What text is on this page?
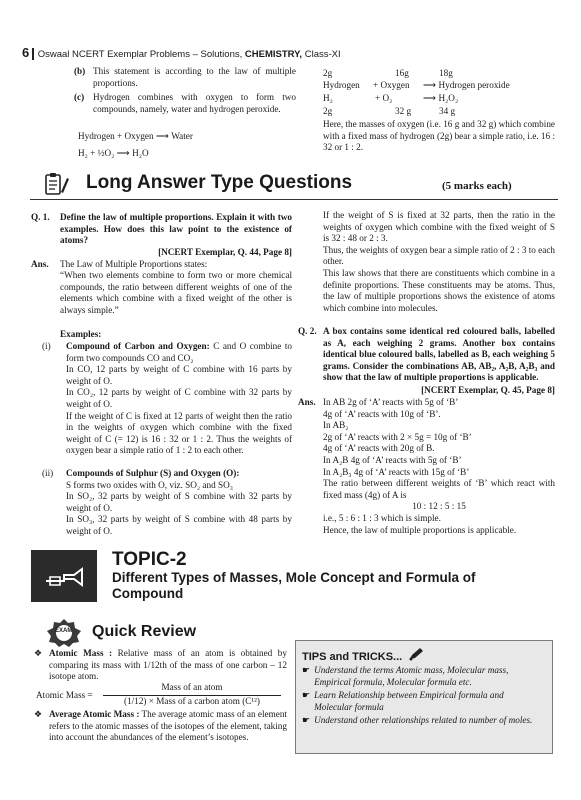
6 Oswaal NCERT Exemplar Problems – Solutions, CHEMISTRY, Class-XI
(b) This statement is according to the law of multiple proportions.
(c) Hydrogen combines with oxygen to form two compounds, namely, water and hydrogen peroxide.
Hydrogen + Oxygen ⟶ Water
H₂ + ½O₂ ⟶ H₂O
2g	16g	18g
Hydrogen + Oxygen ⟶ Hydrogen peroxide
H₂	+ O₂	⟶ H₂O₂
2g	32 g	34 g
Here, the masses of oxygen (i.e. 16 g and 32 g) which combine with a fixed mass of hydrogen (2g) bear a simple ratio, i.e. 16 : 32 or 1 : 2.
Long Answer Type Questions	(5 marks each)
Q. 1. Define the law of multiple proportions. Explain it with two examples. How does this law point to the existence of atoms?
[NCERT Exemplar, Q. 44, Page 8]
Ans. The Law of Multiple Proportions states:
“When two elements combine to form two or more chemical compounds, the ratio between different weights of one of the elements which combine with a fixed weight of the other is always simple.”
Examples:
(i) Compound of Carbon and Oxygen: C and O combine to form two compounds CO and CO₂
In CO, 12 parts by weight of C combine with 16 parts by weight of O.
In CO₂, 12 parts by weight of C combine with 32 parts by weight of O.
If the weight of C is fixed at 12 parts of weight then the ratio in the weights of oxygen which combine with the fixed weight of C (= 12) is 16 : 32 or 1 : 2. Thus the weights of oxygen bear a simple ratio of 1 : 2 to each other.
(ii) Compounds of Sulphur (S) and Oxygen (O):
S forms two oxides with O, viz. SO₂ and SO₃
In SO₂, 32 parts by weight of S combine with 32 parts by weight of O.
In SO₃, 32 parts by weight of S combine with 48 parts by weight of O.
If the weight of S is fixed at 32 parts, then the ratio in the weights of oxygen which combine with the fixed weight of S is 32 : 48 or 2 : 3.
Thus, the weights of oxygen bear a simple ratio of 2 : 3 to each other.
This law shows that there are constituents which combine in a definite proportions. These constituents may be atoms. Thus, the law of multiple proportions shows the existence of atoms which combine into molecules.
Q. 2. A box contains some identical red coloured balls, labelled as A, each weighing 2 grams. Another box contains identical blue coloured balls, labelled as B, each weighing 5 grams. Consider the combinations AB, AB₂, A₂B, A₂B₃ and show that the law of multiple proportions is applicable.
[NCERT Exemplar, Q. 45, Page 8]
Ans. In AB 2g of ‘A’ reacts with 5g of ‘B’
4g of ‘A’ reacts with 10g of ‘B’.
In AB₂
2g of ‘A’ reacts with 2 × 5g = 10g of ‘B’
4g of ‘A’ reacts with 20g of B.
In A₂B 4g of ‘A’ reacts with 5g of ‘B’
In A₂B₃ 4g of ‘A’ reacts with 15g of ‘B’
The ratio between different weights of ‘B’ which react with fixed mass (4g) of A is
10 : 12 : 5 : 15
i.e., 5 : 6 : 1 : 3 which is simple.
Hence, the law of multiple proportions is applicable.
TOPIC-2
Different Types of Masses, Mole Concept and Formula of Compound
EXAM Quick Review
❖ Atomic Mass : Relative mass of an atom is obtained by comparing its mass with 1/12th of the mass of one carbon – 12 isotope atom.
Atomic Mass =
Mass of an atom
(1/12) × Mass of a carbon atom (C¹²)
❖ Average Atomic Mass : The average atomic mass of an element refers to the atomic masses of the isotopes of the element, taking into account the abundances of the element’s isotopes.
TIPS and TRICKS...
☛ Understand the terms Atomic mass, Molecular mass, Empirical formula, Molecular formula etc.
☛ Learn Relationship between Empirical formula and Molecular formula
☛ Understand other relationships related to number of moles.
